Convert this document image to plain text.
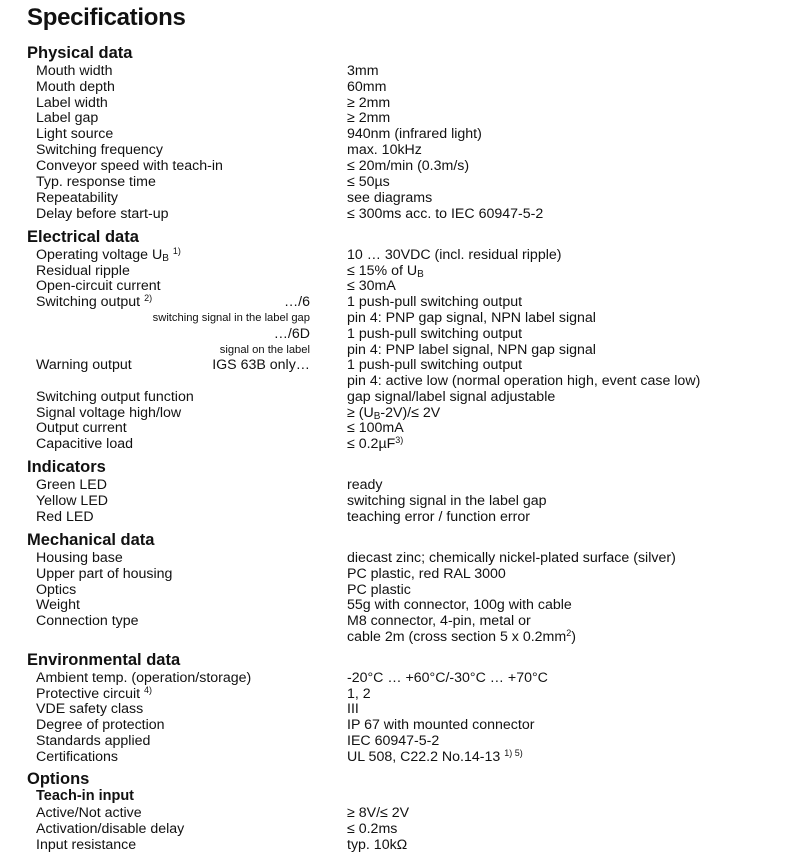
Specifications
Physical data
Mouth width	3mm
Mouth depth	60mm
Label width	≥ 2mm
Label gap	≥ 2mm
Light source	940nm (infrared light)
Switching frequency	max. 10kHz
Conveyor speed with teach-in	≤ 20m/min (0.3m/s)
Typ. response time	≤ 50µs
Repeatability	see diagrams
Delay before start-up	≤ 300ms acc. to IEC 60947-5-2
Electrical data
Operating voltage $U_B$ $^{1)}$	10 … 30VDC (incl. residual ripple)
Residual ripple	≤ 15% of $U_B$
Open-circuit current	≤ 30mA
Switching output $^{2)}$	…/6	1 push-pull switching output
switching signal in the label gap	pin 4: PNP gap signal, NPN label signal
…/6D	1 push-pull switching output
signal on the label	pin 4: PNP label signal, NPN gap signal
Warning output	IGS 63B only…	1 push-pull switching output
pin 4: active low (normal operation high, event case low)
Switching output function	gap signal/label signal adjustable
Signal voltage high/low	≥ $(U_B-2V)/\le 2V$
Output current	≤ 100mA
Capacitive load	≤ 0.2µF$^{3)}$
Indicators
Green LED	ready
Yellow LED	switching signal in the label gap
Red LED	teaching error / function error
Mechanical data
Housing base	diecast zinc; chemically nickel-plated surface (silver)
Upper part of housing	PC plastic, red RAL 3000
Optics	PC plastic
Weight	55g with connector, 100g with cable
Connection type	M8 connector, 4-pin, metal or
cable 2m (cross section 5 x $0.2mm^2$)
Environmental data
Ambient temp. (operation/storage)	-20°C … +60°C/-30°C … +70°C
Protective circuit $^{4)}$	1, 2
VDE safety class	III
Degree of protection	IP 67 with mounted connector
Standards applied	IEC 60947-5-2
Certifications	UL 508, C22.2 No.14-13 $^{1) 5)}$
Options
Teach-in input
Active/Not active	≥ 8V/≤ 2V
Activation/disable delay	≤ 0.2ms
Input resistance	typ. 10kΩ
